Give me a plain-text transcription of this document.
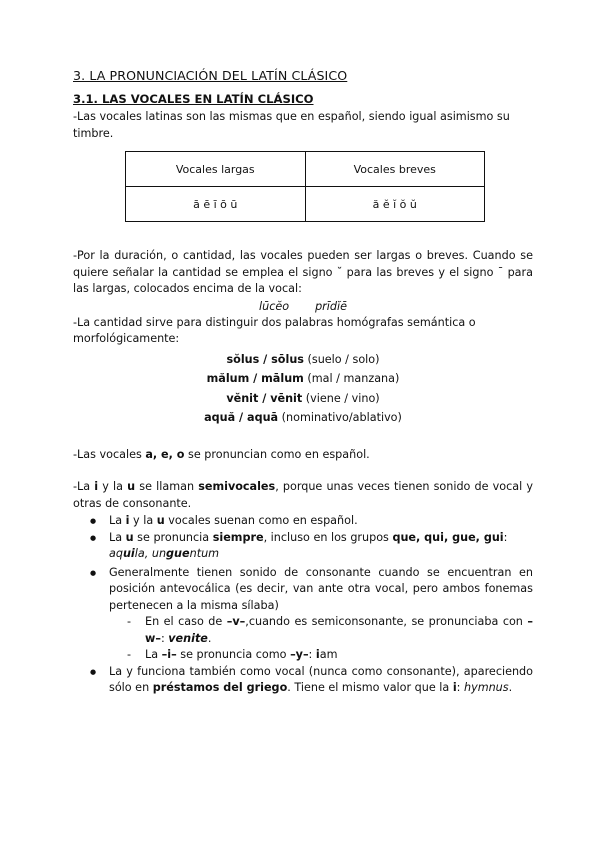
3. LA PRONUNCIACIÓN DEL LATÍN CLÁSICO
3.1. LAS VOCALES EN LATÍN CLÁSICO

-Las vocales latinas son las mismas que en español, siendo igual asimismo su timbre.

Vocales largas	Vocales breves
ā ē ī ō ū	ă ĕ ĭ ŏ ŭ

-Por la duración, o cantidad, las vocales pueden ser largas o breves. Cuando se quiere señalar la cantidad se emplea el signo ˘ para las breves y el signo ¯ para las largas, colocados encima de la vocal:

lūcĕo prīdĭē

-La cantidad sirve para distinguir dos palabras homógrafas semántica o morfológicamente:

sŏlus / sōlus (suelo / solo)
mălum / mālum (mal / manzana)
vĕnit / vēnit (viene / vino)
aquă / aquā (nominativo/ablativo)

-Las vocales a, e, o se pronuncian como en español.

-La i y la u se llaman semivocales, porque unas veces tienen sonido de vocal y otras de consonante.

● La i y la u vocales suenan como en español.
● La u se pronuncia siempre, incluso en los grupos que, qui, gue, gui:
aquila, unguentum
● Generalmente tienen sonido de consonante cuando se encuentran en posición antevocálica (es decir, van ante otra vocal, pero ambos fonemas pertenecen a la misma sílaba)
- En el caso de –v–,cuando es semiconsonante, se pronunciaba con –w–: venite.
- La –i– se pronuncia como –y–: iam
● La y funciona también como vocal (nunca como consonante), apareciendo sólo en préstamos del griego. Tiene el mismo valor que la i: hymnus.
